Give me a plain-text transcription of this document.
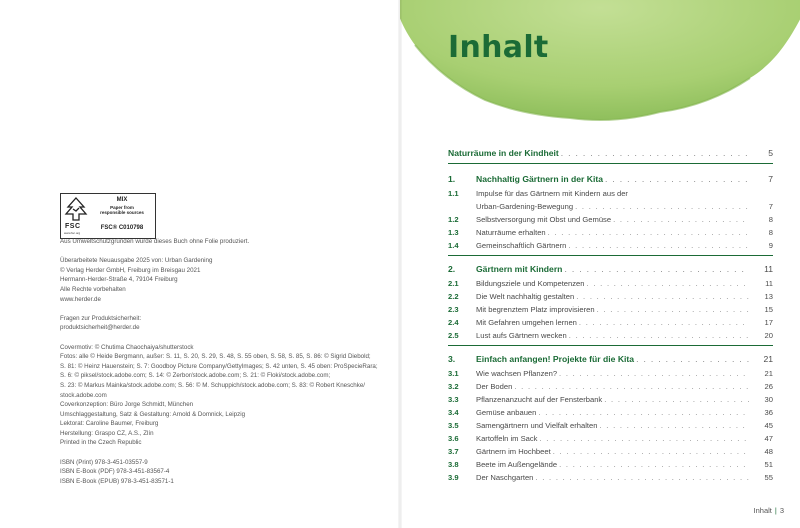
FSC
www.fsc.org
MIX
Paper from
responsible sources
FSC® C010798

Aus Umweltschutzgründen wurde dieses Buch ohne Folie produziert.

Überarbeitete Neuausgabe 2025 von: Urban Gardening

© Verlag Herder GmbH, Freiburg im Breisgau 2021

Hermann-Herder-Straße 4, 79104 Freiburg

Alle Rechte vorbehalten

www.herder.de

Fragen zur Produktsicherheit:

produktsicherheit@herder.de

Covermotiv: © Chutima Chaochaiya/shutterstock

Fotos: alle © Heide Bergmann, außer: S. 11, S. 20, S. 29, S. 48, S. 55 oben, S. 58, S. 85, S. 86: © Sigrid Diebold;

S. 81: © Heinz Hauenstein; S. 7: Goodboy Picture Company/GettyImages; S. 42 unten, S. 45 oben: ProSpecieRara;

S. 6: © piksel/stock.adobe.com; S. 14: © Zerbor/stock.adobe.com; S. 21: © Floki/stock.adobe.com;

S. 23: © Markus Mainka/stock.adobe.com; S. 56: © M. Schuppich/stock.adobe.com; S. 83: © Robert Kneschke/

stock.adobe.com

Coverkonzeption: Büro Jorge Schmidt, München

Umschlaggestaltung, Satz & Gestaltung: Arnold & Domnick, Leipzig

Lektorat: Caroline Baumer, Freiburg

Herstellung: Graspo CZ, A.S., Zlín

Printed in the Czech Republic

ISBN (Print) 978-3-451-03557-9

ISBN E-Book (PDF) 978-3-451-83567-4

ISBN E-Book (EPUB) 978-3-451-83571-1

Inhalt
Naturräume in der Kindheit . . .	5
1.	Nachhaltig Gärtnern in der Kita . . .	7
1.1	Impulse für das Gärtnern mit Kindern aus der
Urban-Gardening-Bewegung . . .	7
1.2	Selbstversorgung mit Obst und Gemüse . . .	8
1.3	Naturräume erhalten . . .	8
1.4	Gemeinschaftlich Gärtnern . . .	9
2.	Gärtnern mit Kindern . . .	11
2.1	Bildungsziele und Kompetenzen . . .	11
2.2	Die Welt nachhaltig gestalten . . .	13
2.3	Mit begrenztem Platz improvisieren . . .	15
2.4	Mit Gefahren umgehen lernen . . .	17
2.5	Lust aufs Gärtnern wecken . . .	20
3.	Einfach anfangen! Projekte für die Kita . . .	21
3.1	Wie wachsen Pflanzen? . . .	21
3.2	Der Boden . . .	26
3.3	Pflanzenanzucht auf der Fensterbank . . .	30
3.4	Gemüse anbauen . . .	36
3.5	Samengärtnern und Vielfalt erhalten . . .	45
3.6	Kartoffeln im Sack . . .	47
3.7	Gärtnern im Hochbeet . . .	48
3.8	Beete im Außengelände . . .	51
3.9	Der Naschgarten . . .	55
Inhalt | 3
